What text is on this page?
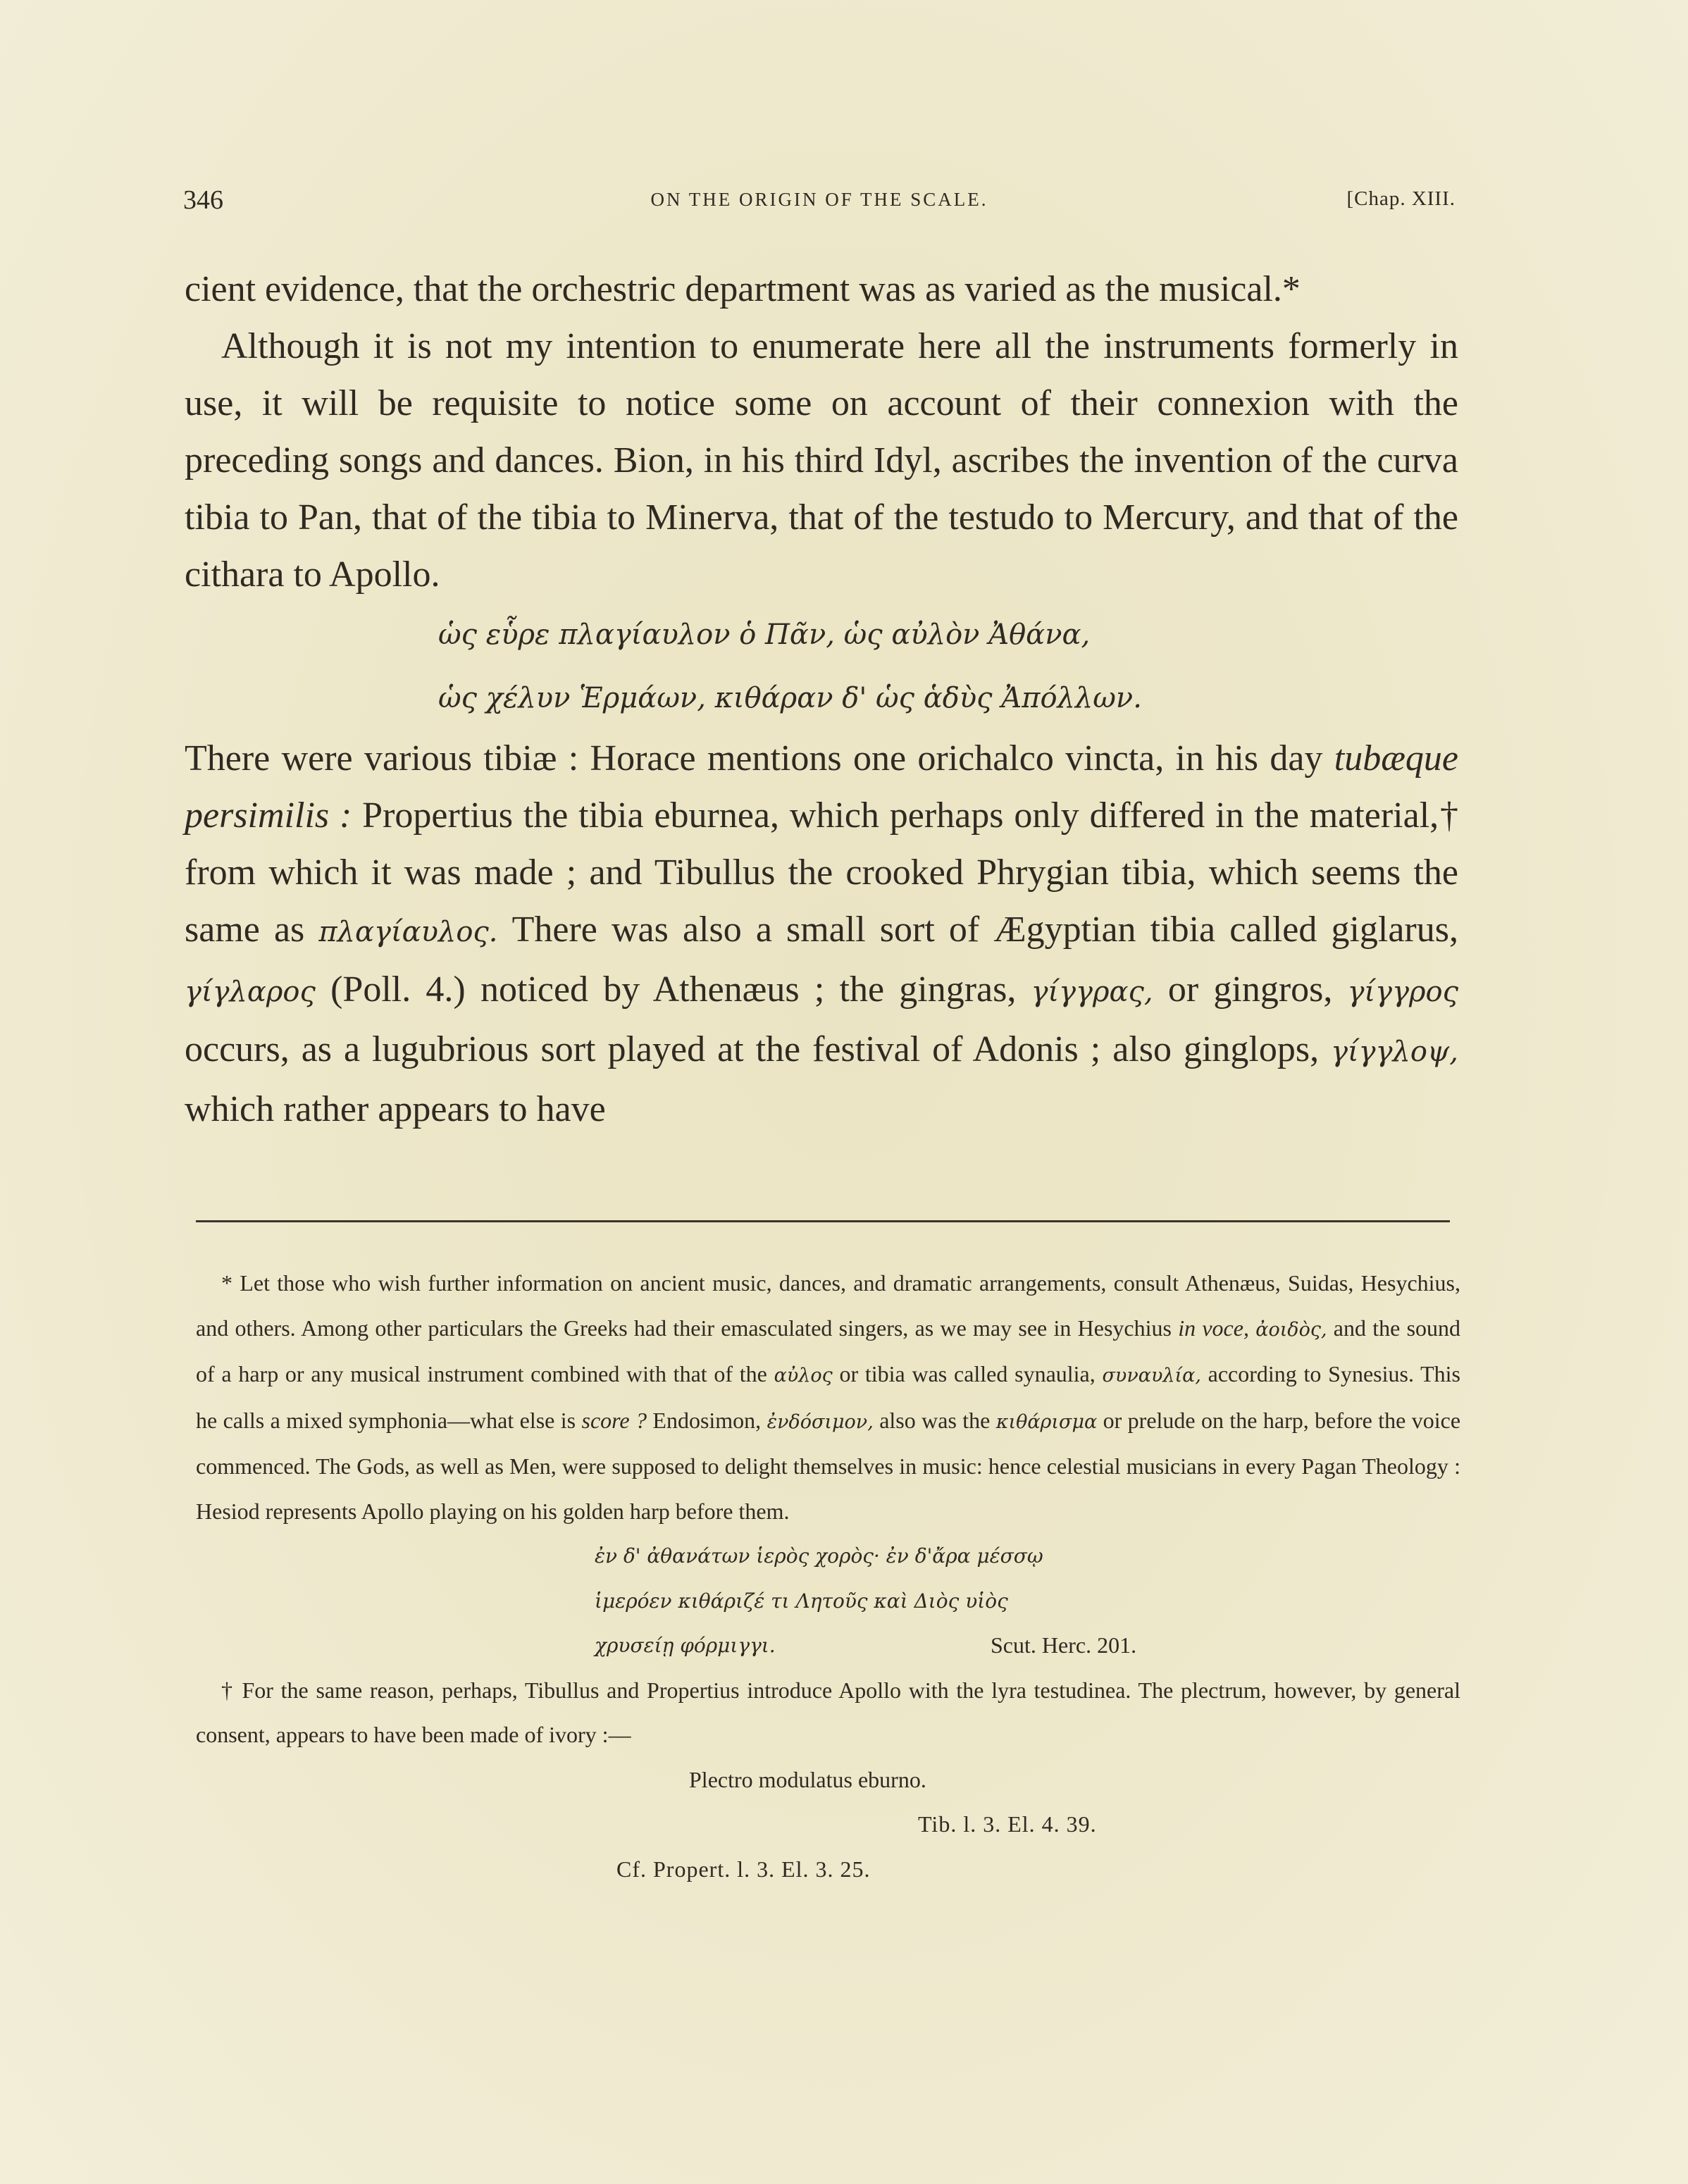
346	ON THE ORIGIN OF THE SCALE.	[Chap. XIII.

cient evidence, that the orchestric department was as varied as the musical.*

Although it is not my intention to enumerate here all the instruments formerly in use, it will be requisite to notice some on account of their connexion with the preceding songs and dances. Bion, in his third Idyl, ascribes the invention of the curva tibia to Pan, that of the tibia to Minerva, that of the testudo to Mercury, and that of the cithara to Apollo.

ὡς εὗρε πλαγίαυλον ὁ Πᾶν, ὡς αὐλὸν Ἀθάνα,
ὡς χέλυν Ἑρμάων, κιθάραν δ' ὡς ἁδὺς Ἀπόλλων.

There were various tibiæ : Horace mentions one orichalco vincta, in his day tubæque persimilis : Propertius the tibia eburnea, which perhaps only differed in the material,† from which it was made ; and Tibullus the crooked Phrygian tibia, which seems the same as πλαγίαυλος. There was also a small sort of Ægyptian tibia called giglarus, γίγλαρος (Poll. 4.) noticed by Athenæus ; the gingras, γίγγρας, or gingros, γίγγρος occurs, as a lugubrious sort played at the festival of Adonis ; also ginglops, γίγγλοψ, which rather appears to have

* Let those who wish further information on ancient music, dances, and dramatic arrangements, consult Athenæus, Suidas, Hesychius, and others. Among other particulars the Greeks had their emasculated singers, as we may see in Hesychius in voce, ἀοιδὸς, and the sound of a harp or any musical instrument combined with that of the αὐλος or tibia was called synaulia, συναυλία, according to Synesius. This he calls a mixed symphonia—what else is score ? Endosimon, ἐνδόσιμον, also was the κιθάρισμα or prelude on the harp, before the voice commenced. The Gods, as well as Men, were supposed to delight themselves in music: hence celestial musicians in every Pagan Theology : Hesiod represents Apollo playing on his golden harp before them.

ἐν δ' ἀθανάτων ἱερὸς χορὸς· ἐν δ'ἄρα μέσσῳ
ἱμερόεν κιθάριζέ τι Λητοῦς καὶ Διὸς υἱὸς
χρυσείῃ φόρμιγγι.	Scut. Herc. 201.

† For the same reason, perhaps, Tibullus and Propertius introduce Apollo with the lyra testudinea. The plectrum, however, by general consent, appears to have been made of ivory :—

Plectro modulatus eburno.
Tib. l. 3. El. 4. 39.
Cf. Propert. l. 3. El. 3. 25.
